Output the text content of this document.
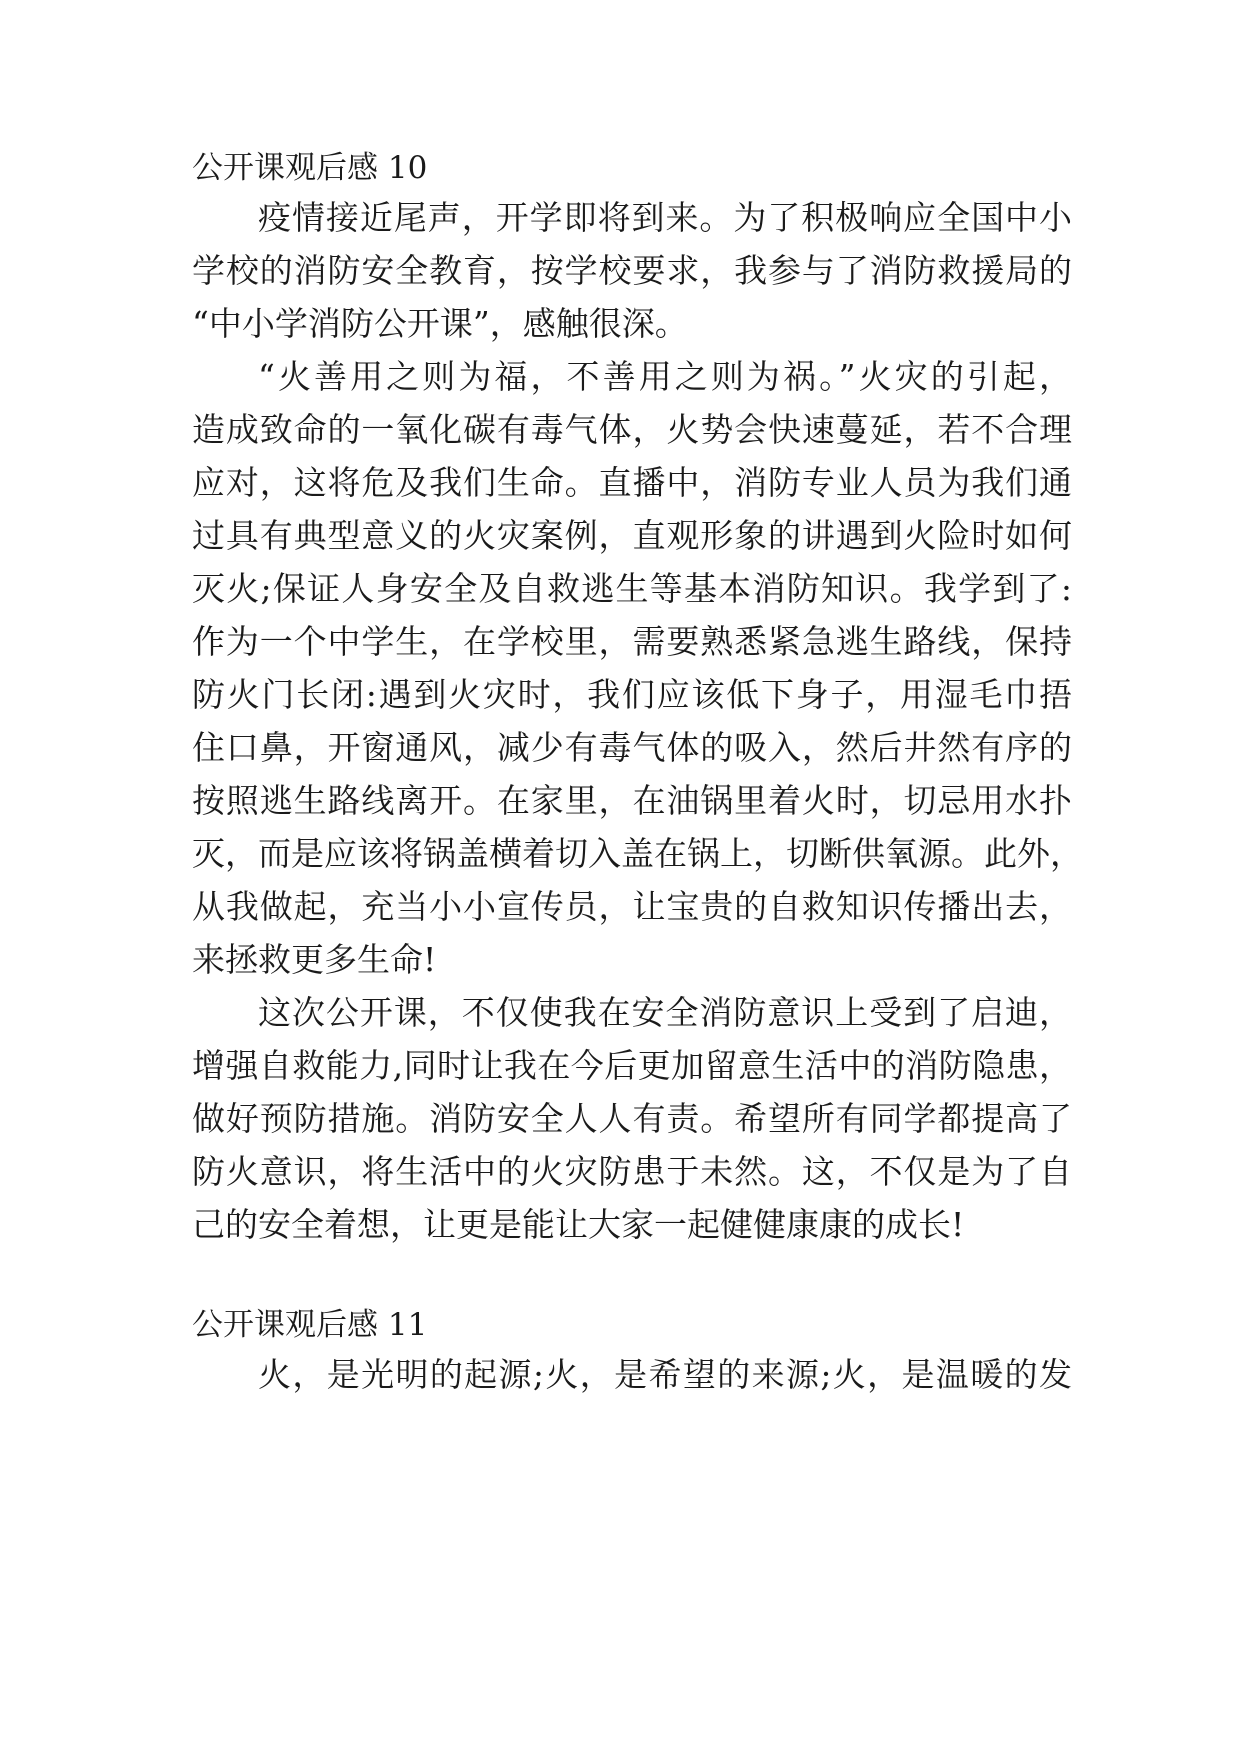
公开课观后感 10
疫情接近尾声，开学即将到来。为了积极响应全国中小
学校的消防安全教育，按学校要求，我参与了消防救援局的
“中小学消防公开课”，感触很深。
“火善用之则为福，不善用之则为祸。”火灾的引起，
造成致命的一氧化碳有毒气体，火势会快速蔓延，若不合理
应对，这将危及我们生命。直播中，消防专业人员为我们通
过具有典型意义的火灾案例，直观形象的讲遇到火险时如何
灭火;保证人身安全及自救逃生等基本消防知识。我学到了:
作为一个中学生，在学校里，需要熟悉紧急逃生路线，保持
防火门长闭:遇到火灾时，我们应该低下身子，用湿毛巾捂
住口鼻，开窗通风，减少有毒气体的吸入，然后井然有序的
按照逃生路线离开。在家里，在油锅里着火时，切忌用水扑
灭，而是应该将锅盖横着切入盖在锅上，切断供氧源。此外，
从我做起，充当小小宣传员，让宝贵的自救知识传播出去，
来拯救更多生命!
这次公开课，不仅使我在安全消防意识上受到了启迪，
增强自救能力,同时让我在今后更加留意生活中的消防隐患，
做好预防措施。消防安全人人有责。希望所有同学都提高了
防火意识，将生活中的火灾防患于未然。这，不仅是为了自
己的安全着想，让更是能让大家一起健健康康的成长!
公开课观后感 11
火，是光明的起源;火，是希望的来源;火，是温暖的发
